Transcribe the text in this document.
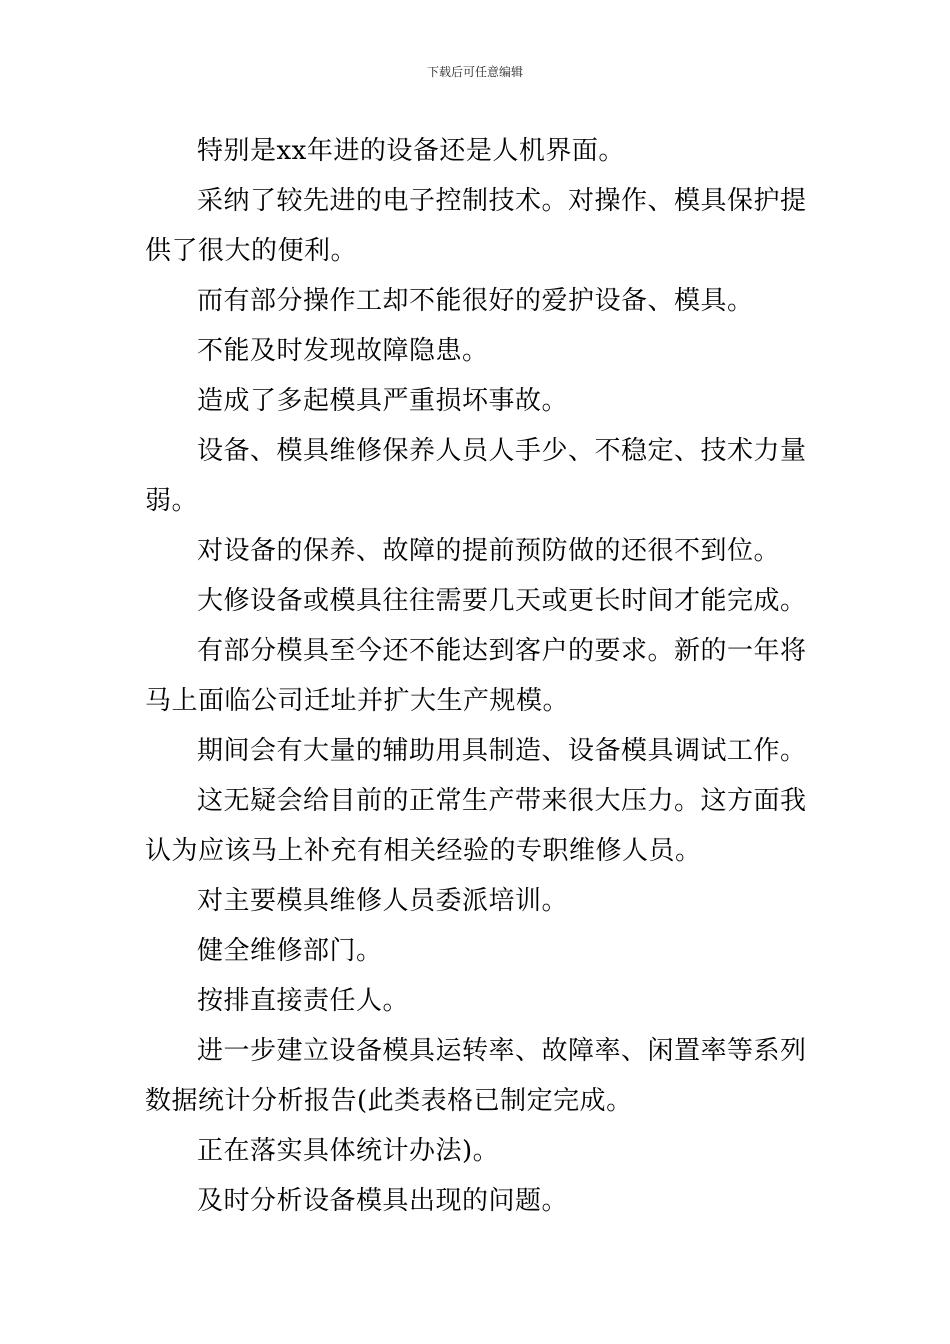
下载后可任意编辑

特别是xx年进的设备还是人机界面。

采纳了较先进的电子控制技术。对操作、模具保护提供了很大的便利。

而有部分操作工却不能很好的爱护设备、模具。

不能及时发现故障隐患。

造成了多起模具严重损坏事故。

设备、模具维修保养人员人手少、不稳定、技术力量弱。

对设备的保养、故障的提前预防做的还很不到位。

大修设备或模具往往需要几天或更长时间才能完成。

有部分模具至今还不能达到客户的要求。新的一年将马上面临公司迁址并扩大生产规模。

期间会有大量的辅助用具制造、设备模具调试工作。

这无疑会给目前的正常生产带来很大压力。这方面我认为应该马上补充有相关经验的专职维修人员。

对主要模具维修人员委派培训。

健全维修部门。

按排直接责任人。

进一步建立设备模具运转率、故障率、闲置率等系列数据统计分析报告(此类表格已制定完成。

正在落实具体统计办法)。

及时分析设备模具出现的问题。
